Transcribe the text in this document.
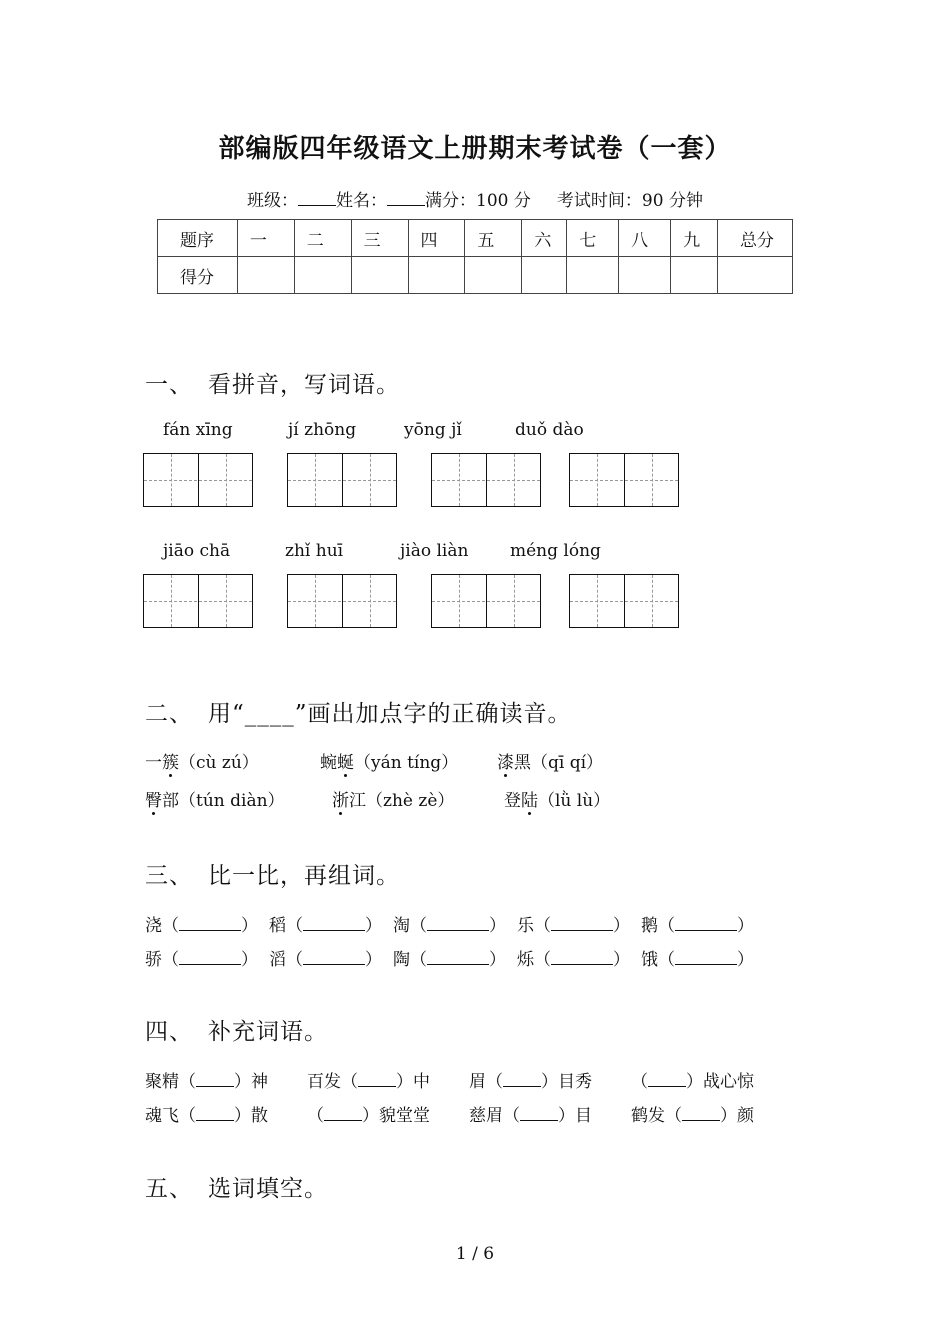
部编版四年级语文上册期末考试卷（一套）
班级： 姓名： 满分：100 分 考试时间：90 分钟
题序	一	二	三	四	五	六	七	八	九	总分
得分										
一、 看拼音，写词语。
fán xīng	jí zhōng	yōng jǐ	duǒ dào
jiāo chā	zhǐ huī	jiào liàn méng lóng
二、 用“____”画出加点字的正确读音。
一簇（cù zú）	蜿蜒（yán tíng） 漆黑（qī qí）
臀部（tún diàn）	浙江（zhè zè）	登陆（lǜ lù）
三、 比一比，再组词。
浇（	） 稻（	） 淘（	） 乐（	） 鹅（	）
骄（	） 滔（	） 陶（	） 烁（	） 饿（	）
四、 补充词语。
聚精（ ）神 百发（ ）中 眉（ ）目秀 （ ）战心惊
魂飞（ ）散 （ ）貌堂堂 慈眉（ ）目 鹤发（ ）颜
五、 选词填空。
1 / 6
